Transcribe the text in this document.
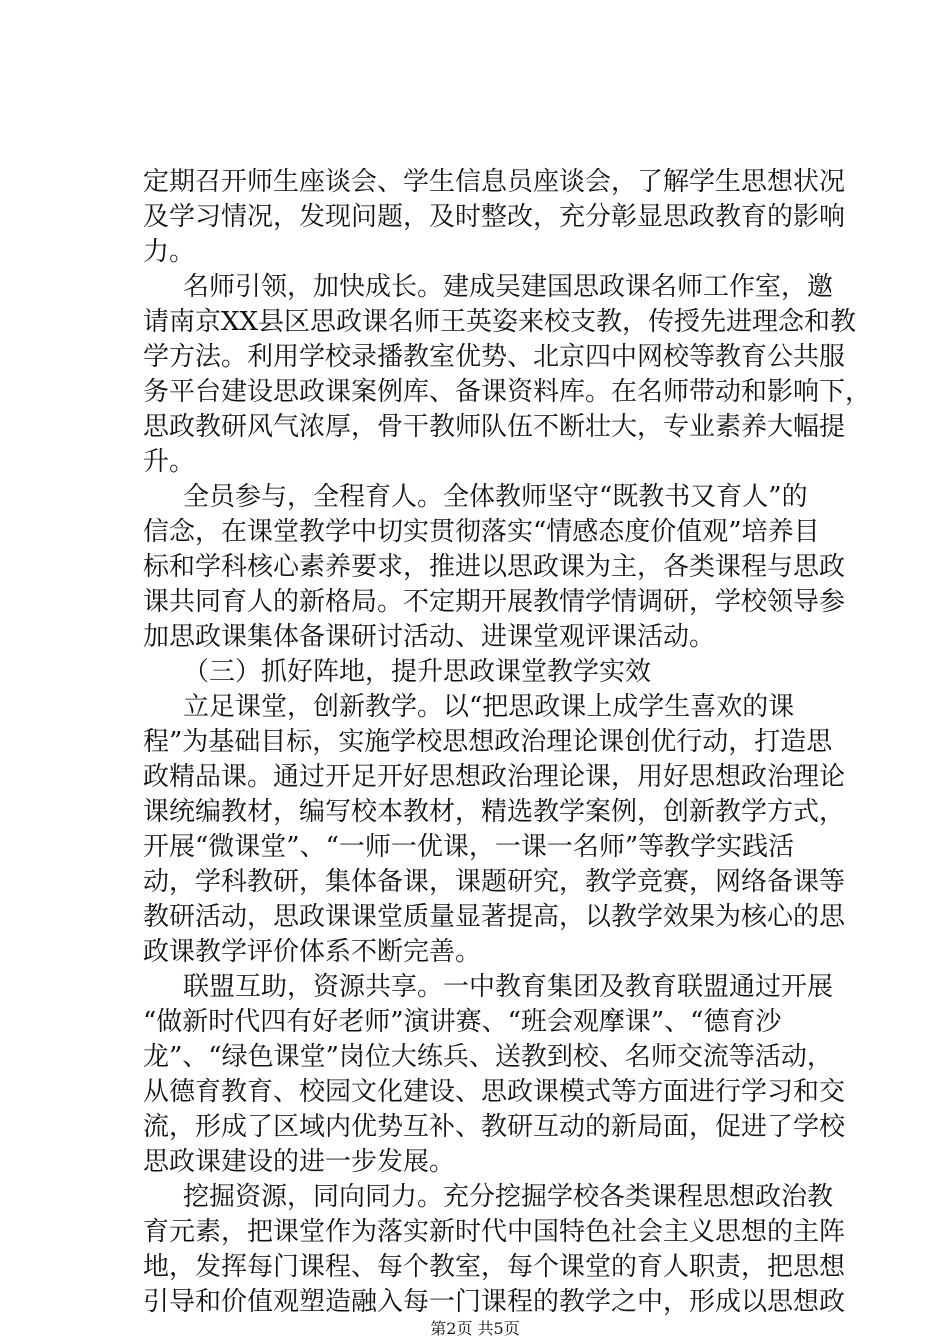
定期召开师生座谈会、学生信息员座谈会，了解学生思想状况
及学习情况，发现问题，及时整改，充分彰显思政教育的影响
力。
名师引领，加快成长。建成吴建国思政课名师工作室，邀
请南京XX县区思政课名师王英姿来校支教，传授先进理念和教
学方法。利用学校录播教室优势、北京四中网校等教育公共服
务平台建设思政课案例库、备课资料库。在名师带动和影响下，
思政教研风气浓厚，骨干教师队伍不断壮大，专业素养大幅提
升。
全员参与，全程育人。全体教师坚守“既教书又育人”的
信念，在课堂教学中切实贯彻落实“情感态度价值观”培养目
标和学科核心素养要求，推进以思政课为主，各类课程与思政
课共同育人的新格局。不定期开展教情学情调研，学校领导参
加思政课集体备课研讨活动、进课堂观评课活动。
（三）抓好阵地，提升思政课堂教学实效
立足课堂，创新教学。以“把思政课上成学生喜欢的课
程”为基础目标，实施学校思想政治理论课创优行动，打造思
政精品课。通过开足开好思想政治理论课，用好思想政治理论
课统编教材，编写校本教材，精选教学案例，创新教学方式，
开展“微课堂”、“一师一优课，一课一名师”等教学实践活
动，学科教研，集体备课，课题研究，教学竞赛，网络备课等
教研活动，思政课课堂质量显著提高，以教学效果为核心的思
政课教学评价体系不断完善。
联盟互助，资源共享。一中教育集团及教育联盟通过开展
“做新时代四有好老师”演讲赛、“班会观摩课”、“德育沙
龙”、“绿色课堂”岗位大练兵、送教到校、名师交流等活动，
从德育教育、校园文化建设、思政课模式等方面进行学习和交
流，形成了区域内优势互补、教研互动的新局面，促进了学校
思政课建设的进一步发展。
挖掘资源，同向同力。充分挖掘学校各类课程思想政治教
育元素，把课堂作为落实新时代中国特色社会主义思想的主阵
地，发挥每门课程、每个教室，每个课堂的育人职责，把思想
引导和价值观塑造融入每一门课程的教学之中，形成以思想政
第2页 共5页
